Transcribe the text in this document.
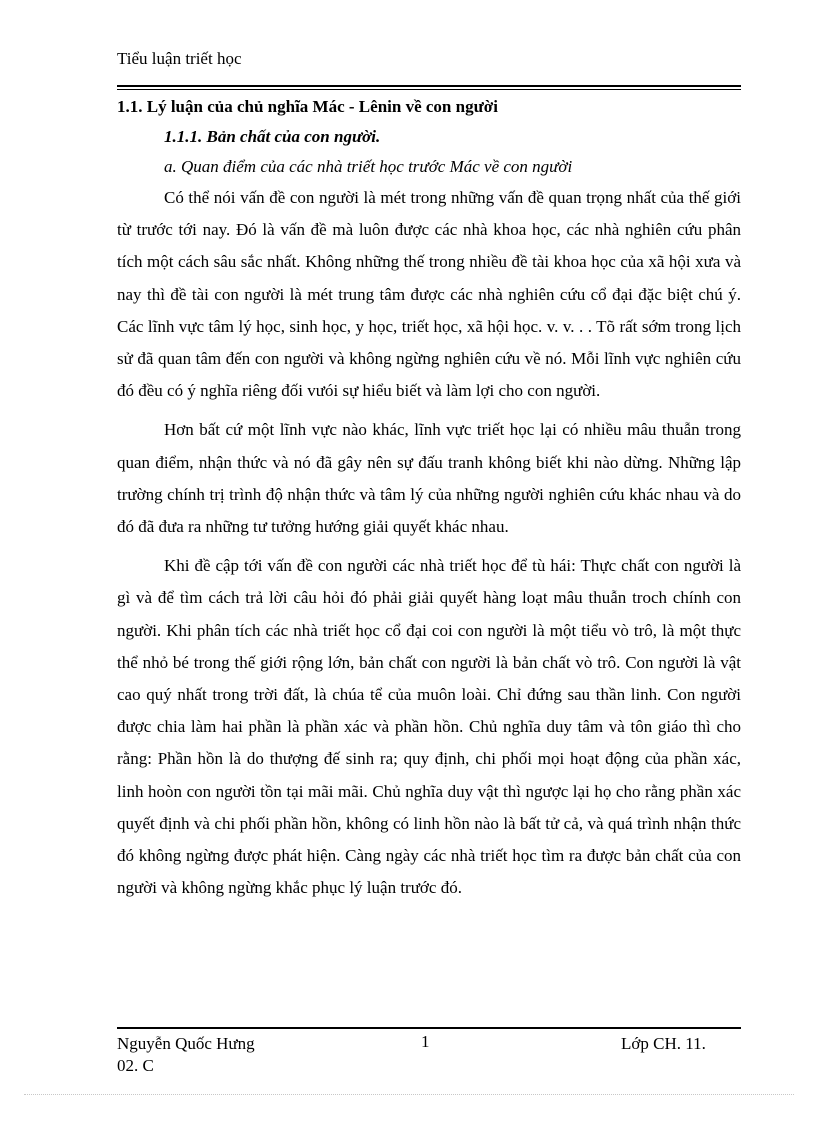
Tiểu luận triết học

1.1. Lý luận của chủ nghĩa Mác - Lênin về con người

1.1.1. Bản chất của con người.

a. Quan điểm của các nhà triết học trước Mác về con người

Có thể nói vấn đề con người là mét trong những vấn đề quan trọng nhất của thế giới từ trước tới nay. Đó là vấn đề mà luôn được các nhà khoa học, các nhà nghiên cứu phân tích một cách sâu sắc nhất. Không những thế trong nhiều đề tài khoa học của xã hội xưa và nay thì đề tài con người là mét trung tâm được các nhà nghiên cứu cổ đại đặc biệt chú ý. Các lĩnh vực tâm lý học, sinh học, y học, triết học, xã hội học. v. v. . . Tõ rất sớm trong lịch sử đã quan tâm đến con người và không ngừng nghiên cứu về nó. Mỗi lĩnh vực nghiên cứu đó đều có ý nghĩa riêng đối vưói sự hiểu biết và làm lợi cho con người.

Hơn bất cứ một lĩnh vực nào khác, lĩnh vực triết học lại có nhiều mâu thuẫn trong quan điểm, nhận thức và nó đã gây nên sự đấu tranh không biết khi nào dừng. Những lập trường chính trị trình độ nhận thức và tâm lý của những người nghiên cứu khác nhau và do đó đã đưa ra những tư tưởng hướng giải quyết khác nhau.

Khi đề cập tới vấn đề con người các nhà triết học để tù hái: Thực chất con người là gì và để tìm cách trả lời câu hỏi đó phải giải quyết hàng loạt mâu thuẫn troch chính con người. Khi phân tích các nhà triết học cổ đại coi con người là một tiểu vò trô, là một thực thể nhỏ bé trong thế giới rộng lớn, bản chất con người là bản chất vò trô. Con người là vật cao quý nhất trong trời đất, là chúa tể của muôn loài. Chỉ đứng sau thần linh. Con người được chia làm hai phần là phần xác và phần hồn. Chủ nghĩa duy tâm và tôn giáo thì cho rằng: Phần hồn là do thượng đế sinh ra; quy định, chi phối mọi hoạt động của phần xác, linh hoòn con người tồn tại mãi mãi. Chủ nghĩa duy vật thì ngược lại họ cho rằng phần xác quyết định và chi phối phần hồn, không có linh hồn nào là bất tử cả, và quá trình nhận thức đó không ngừng được phát hiện. Càng ngày các nhà triết học tìm ra được bản chất của con người và không ngừng khắc phục lý luận trước đó.

Nguyễn Quốc Hưng
02. C
1	Lớp CH. 11.
